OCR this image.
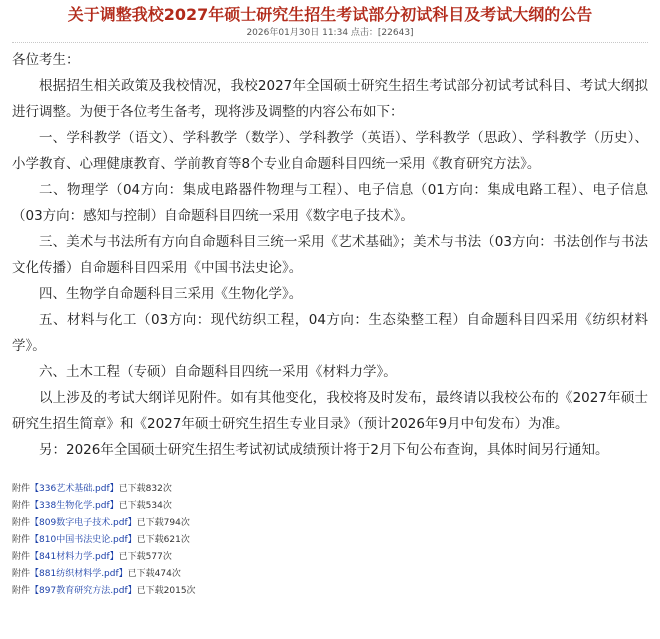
关于调整我校2027年硕士研究生招生考试部分初试科目及考试大纲的公告
2026年01月30日 11:34 点击：[22643]

各位考生：

根据招生相关政策及我校情况，我校2027年全国硕士研究生招生考试部分初试考试科目、考试大纲拟进行调整。为便于各位考生备考，现将涉及调整的内容公布如下：

一、学科教学（语文）、学科教学（数学）、学科教学（英语）、学科教学（思政）、学科教学（历史）、小学教育、心理健康教育、学前教育等8个专业自命题科目四统一采用《教育研究方法》。

二、物理学（04方向：集成电路器件物理与工程）、电子信息（01方向：集成电路工程）、电子信息（03方向：感知与控制）自命题科目四统一采用《数字电子技术》。

三、美术与书法所有方向自命题科目三统一采用《艺术基础》；美术与书法（03方向：书法创作与书法文化传播）自命题科目四采用《中国书法史论》。

四、生物学自命题科目三采用《生物化学》。

五、材料与化工（03方向：现代纺织工程，04方向：生态染整工程）自命题科目四采用《纺织材料学》。

六、土木工程（专硕）自命题科目四统一采用《材料力学》。

以上涉及的考试大纲详见附件。如有其他变化，我校将及时发布，最终请以我校公布的《2027年硕士研究生招生简章》和《2027年硕士研究生招生专业目录》（预计2026年9月中旬发布）为准。

另：2026年全国硕士研究生招生考试初试成绩预计将于2月下旬公布查询，具体时间另行通知。

附件【336艺术基础.pdf】已下载832次
附件【338生物化学.pdf】已下载534次
附件【809数字电子技术.pdf】已下载794次
附件【810中国书法史论.pdf】已下载621次
附件【841材料力学.pdf】已下载577次
附件【881纺织材料学.pdf】已下载474次
附件【897教育研究方法.pdf】已下载2015次
